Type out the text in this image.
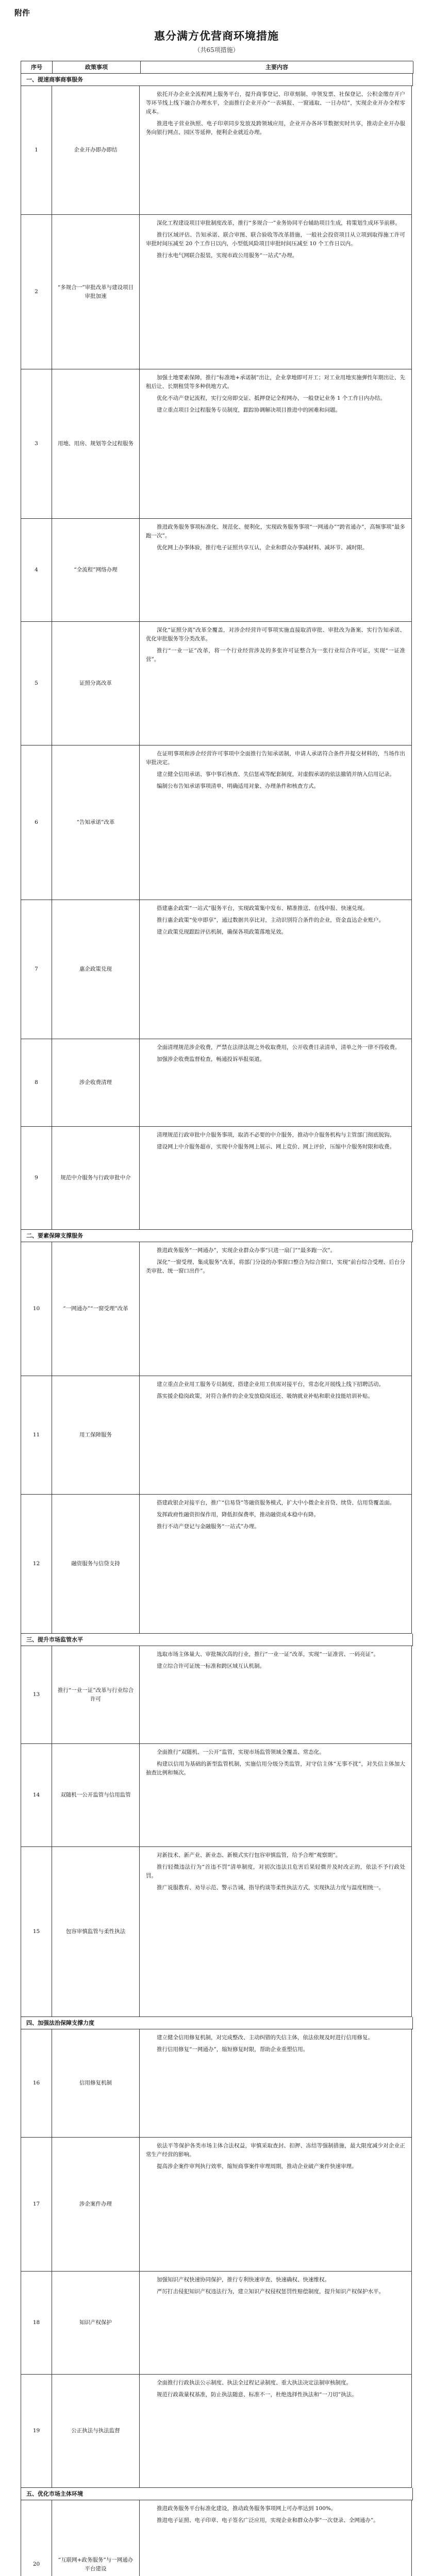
附件
惠分满方优营商环境措施
（共65项措施）
序号	政策事项	主要内容
一、提速商事商事服务
1	企业开办即办即结

依托开办企业全流程网上服务平台，提升商事登记、印章刻制、申领发票、社保登记、公积金缴存开户等环节线上线下融合办理水平，全面推行企业开办“一表填报、一窗通取、一日办结”，实现企业开办全程零成本。

推进电子营业执照、电子印章同步发放及跨领域应用，企业开办各环节数据实时共享，推动企业开办服务向银行网点、园区等延伸，便利企业就近办理。

2
“多规合一”审批改革与建设项目审批加速

深化工程建设项目审批制度改革，推行“多规合一”业务协同平台辅助项目生成，将策划生成环节前移。

推行区域评估、告知承诺、联合审图、联合验收等改革措施，一般社会投资项目从立项到取得施工许可审批时间压减至 20 个工作日以内，小型低风险项目审批时间压减至 10 个工作日以内。

推行水电气网联合报装，实现市政公用服务“一站式”办理。

3	用地、用房、规划等全过程服务

加强土地要素保障，推行“标准地+承诺制”出让，企业拿地即可开工；对工业用地实施弹性年期出让、先租后让、长期租赁等多种供地方式。

优化不动产登记流程，实行交房即交证、抵押登记全程网办，一般登记业务 1 个工作日内办结。

建立重点项目全过程服务专员制度，跟踪协调解决项目推进中的困难和问题。

4	“全流程”网络办理

推进政务服务事项标准化、规范化、便利化，实现政务服务事项“一网通办”“跨省通办”，高频事项“最多跑一次”。

优化网上办事体验，推行电子证照共享互认，企业和群众办事减材料、减环节、减时限。

5	证照分离改革

深化“证照分离”改革全覆盖，对涉企经营许可事项实施直接取消审批、审批改为备案、实行告知承诺、优化审批服务等分类改革。

推行“一业一证”改革，将一个行业经营涉及的多张许可证整合为一张行业综合许可证，实现“一证准营”。

6	“告知承诺”改革

在证明事项和涉企经营许可事项中全面推行告知承诺制，申请人承诺符合条件并提交材料的，当场作出审批决定。

建立健全信用承诺、事中事后核查、失信惩戒等配套制度，对虚假承诺的依法撤销并纳入信用记录。

编制公布告知承诺事项清单，明确适用对象、办理条件和核查方式。

7	惠企政策兑现

搭建惠企政策“一站式”服务平台，实现政策集中发布、精准推送、在线申报、快速兑现。

推行惠企政策“免申即享”，通过数据共享比对，主动识别符合条件的企业，资金直达企业账户。

建立政策兑现跟踪评估机制，确保各项政策落地见效。

8	涉企收费清理

全面清理规范涉企收费，严禁在法律法规之外收取费用，公开收费目录清单，清单之外一律不得收费。

加强涉企收费监督检查，畅通投诉举报渠道。

9	规范中介服务与行政审批中介

清理规范行政审批中介服务事项，取消不必要的中介服务，推动中介服务机构与主管部门彻底脱钩。

建设网上中介服务超市，实现中介服务网上展示、网上竞价、网上评价，压缩中介服务时限和收费。

二、要素保障支撑服务
10	“一网通办”“一窗受理”改革

推进政务服务“一网通办”，实现企业群众办事“只进一扇门”“最多跑一次”。

深化“一窗受理、集成服务”改革，将部门分设的办事窗口整合为综合窗口，实现“前台综合受理、后台分类审批、统一窗口出件”。

11	用工保障服务

建立重点企业用工服务专员制度，搭建企业用工供需对接平台，常态化开展线上线下招聘活动。

落实援企稳岗政策，对符合条件的企业发放稳岗返还、吸纳就业补贴和职业技能培训补贴。

12	融资服务与信贷支持

搭建政银企对接平台，推广“信易贷”等融资服务模式，扩大中小微企业首贷、续贷、信用贷覆盖面。

发挥政府性融资担保作用，降低担保费率，推动融资成本稳中有降。

推行不动产登记与金融服务“一站式”办理。

三、提升市场监管水平
13
推行“一业一证”改革与行业综合许可

选取市场主体量大、审批频次高的行业，推行“一业一证”改革，实现“一证准营、一码亮证”。

建立综合许可证统一标准和跨区域互认机制。

14	双随机一公开监管与信用监管

全面推行“双随机、一公开”监管，实现市场监管领域全覆盖、常态化。

构建以信用为基础的新型监管机制，实施信用分级分类监管，对守信主体“无事不扰”，对失信主体加大抽查比例和频次。

15	包容审慎监管与柔性执法

对新技术、新产业、新业态、新模式实行包容审慎监管，给予合理“观察期”。

推行轻微违法行为“首违不罚”清单制度，对初次违法且危害后果轻微并及时改正的，依法不予行政处罚。

推广说服教育、劝导示范、警示告诫、指导约谈等柔性执法方式，实现执法力度与温度相统一。

四、加强法治保障支撑力度
16	信用修复机制

建立健全信用修复机制，对完成整改、主动纠错的失信主体，依法依规及时进行信用修复。

推行信用修复“一网通办”，缩短修复时限，帮助企业重塑信用。

17	涉企案件办理

依法平等保护各类市场主体合法权益，审慎采取查封、扣押、冻结等强制措施，最大限度减少对企业正常生产经营的影响。

提高涉企案件审判执行效率，缩短商事案件审理周期，推动企业破产案件快速审理。

18	知识产权保护

加强知识产权快速协同保护，推行专利快速审查、快速确权、快速维权。

严厉打击侵犯知识产权违法行为，建立知识产权侵权惩罚性赔偿制度，提升知识产权保护水平。

19	公正执法与执法监督

全面推行行政执法公示制度、执法全过程记录制度、重大执法决定法制审核制度。

规范行政裁量权基准，防止执法随意、标准不一，杜绝选择性执法和“一刀切”执法。

五、优化市场主体环境
20
“互联网+政务服务”与一网通办平台建设

推进政务服务平台标准化建设，推动政务服务事项网上可办率达到 100%。

推进电子证照、电子印章、电子签名广泛应用，实现企业和群众办事“一次登录、全网通办”。
